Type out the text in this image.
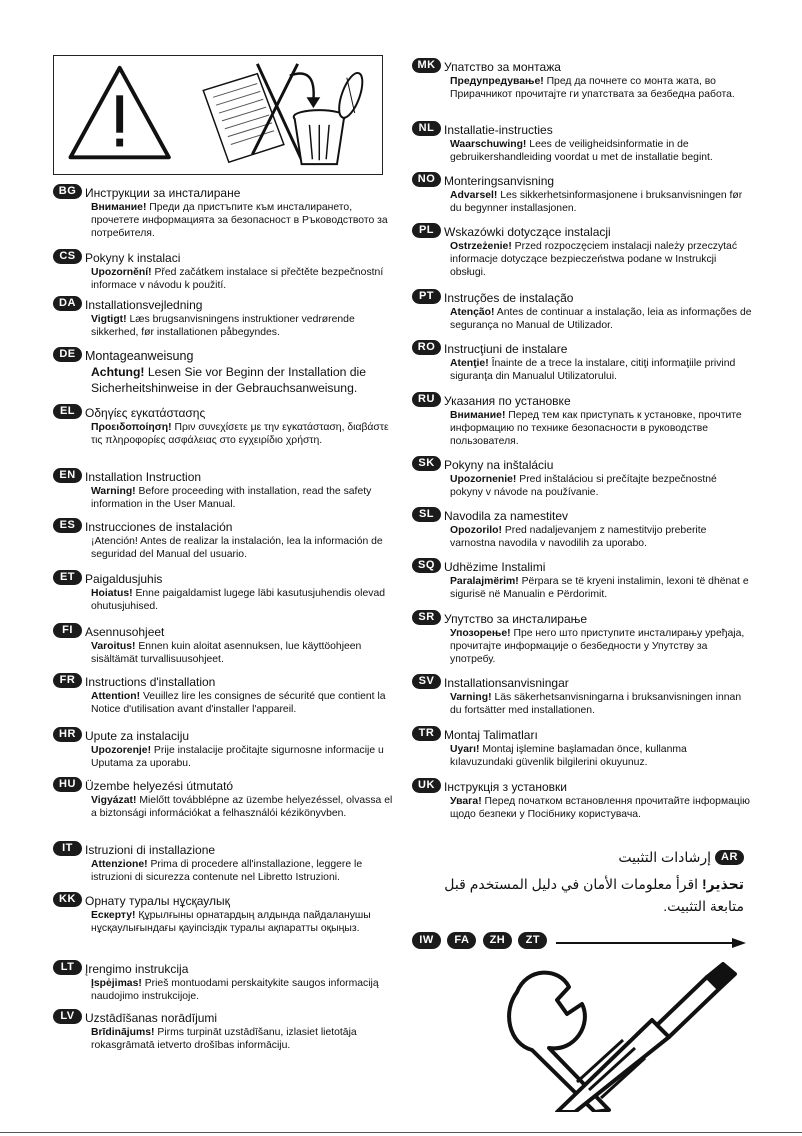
BG Инструкции за инсталиране
Внимание! Преди да пристъпите към инсталирането, прочетете информацията за безопасност в Ръководството за потребителя.
CS Pokyny k instalaci
Upozornění! Před začátkem instalace si přečtěte bezpečnostní informace v návodu k použití.
DA Installationsvejledning
Vigtigt! Læs brugsanvisningens instruktioner vedrørende sikkerhed, før installationen påbegyndes.
DE Montageanweisung
Achtung! Lesen Sie vor Beginn der Installation die Sicherheitshinweise in der Gebrauchsanweisung.
EL Οδηγίες εγκατάστασης
Προειδοποίηση! Πριν συνεχίσετε με την εγκατάσταση, διαβάστε τις πληροφορίες ασφάλειας στο εγχειρίδιο χρήστη.
EN Installation Instruction
Warning! Before proceeding with installation, read the safety information in the User Manual.
ES Instrucciones de instalación
¡Atención! Antes de realizar la instalación, lea la información de seguridad del Manual del usuario.
ET Paigaldusjuhis
Hoiatus! Enne paigaldamist lugege läbi kasutusjuhendis olevad ohutusjuhised.
FI	Asennusohjeet
Varoitus! Ennen kuin aloitat asennuksen, lue käyttöohjeen sisältämät turvallisuusohjeet.
FR Instructions d'installation
Attention! Veuillez lire les consignes de sécurité que contient la Notice d'utilisation avant d'installer l'appareil.
HR Upute za instalaciju
Upozorenje! Prije instalacije pročitajte sigurnosne informacije u Uputama za uporabu.
HU Üzembe helyezési útmutató
Vigyázat! Mielőtt továbblépne az üzembe helyezéssel, olvassa el a biztonsági információkat a felhasználói kézikönyvben.
IT	Istruzioni di installazione
Attenzione! Prima di procedere all'installazione, leggere le istruzioni di sicurezza contenute nel Libretto Istruzioni.
KK Орнату туралы нұсқаулық
Ескерту! Құрылғыны орнатардың алдында пайдаланушы нұсқаулығындағы қауіпсіздік туралы ақпаратты оқыңыз.
LT Įrengimo instrukcija
Įspėjimas! Prieš montuodami perskaitykite saugos informaciją naudojimo instrukcijoje.
LV Uzstādīšanas norādījumi
Brīdinājums! Pirms turpināt uzstādīšanu, izlasiet lietotāja rokasgrāmatā ietverto drošības informāciju.
MK Упатство за монтажа
Предупредување! Пред да почнете со монта жата, во Прирачникот прочитајте ги упатствата за безбедна работа.
NL Installatie-instructies
Waarschuwing! Lees de veiligheidsinformatie in de gebruikershandleiding voordat u met de installatie begint.
NO Monteringsanvisning
Advarsel! Les sikkerhetsinformasjonene i bruksanvisningen før du begynner installasjonen.
PL Wskazówki dotyczące instalacji
Ostrzeżenie! Przed rozpoczęciem instalacji należy przeczytać informacje dotyczące bezpieczeństwa podane w Instrukcji obsługi.
PT Instruções de instalação
Atenção! Antes de continuar a instalação, leia as informações de segurança no Manual de Utilizador.
RO Instrucţiuni de instalare
Atenţie! Înainte de a trece la instalare, citiţi informaţiile privind siguranţa din Manualul Utilizatorului.
RU Указания по установке
Внимание! Перед тем как приступать к установке, прочтите информацию по технике безопасности в руководстве пользователя.
SK Pokyny na inštaláciu
Upozornenie! Pred inštaláciou si prečítajte bezpečnostné pokyny v návode na používanie.
SL Navodila za namestitev
Opozorilo! Pred nadaljevanjem z namestitvijo preberite varnostna navodila v navodilih za uporabo.
SQ Udhëzime Instalimi
Paralajmërim! Përpara se të kryeni instalimin, lexoni të dhënat e sigurisë në Manualin e Përdorimit.
SR Упутство за инсталирање
Упозорење! Пре него што приступите инсталирању уређаја, прочитајте информације о безбедности у Упутству за употребу.
SV Installationsanvisningar
Varning! Läs säkerhetsanvisningarna i bruksanvisningen innan du fortsätter med installationen.
TR Montaj Talimatları
Uyarı! Montaj işlemine başlamadan önce, kullanma kılavuzundaki güvenlik bilgilerini okuyunuz.
UK Інструкція з установки
Увага! Перед початком встановлення прочитайте інформацію щодо безпеки у Посібнику користувача.
AR
إرشادات التثبيت
تحذير! اقرأ معلومات الأمان في دليل المستخدم قبل متابعة التثبيت.
IW FA ZH ZT
